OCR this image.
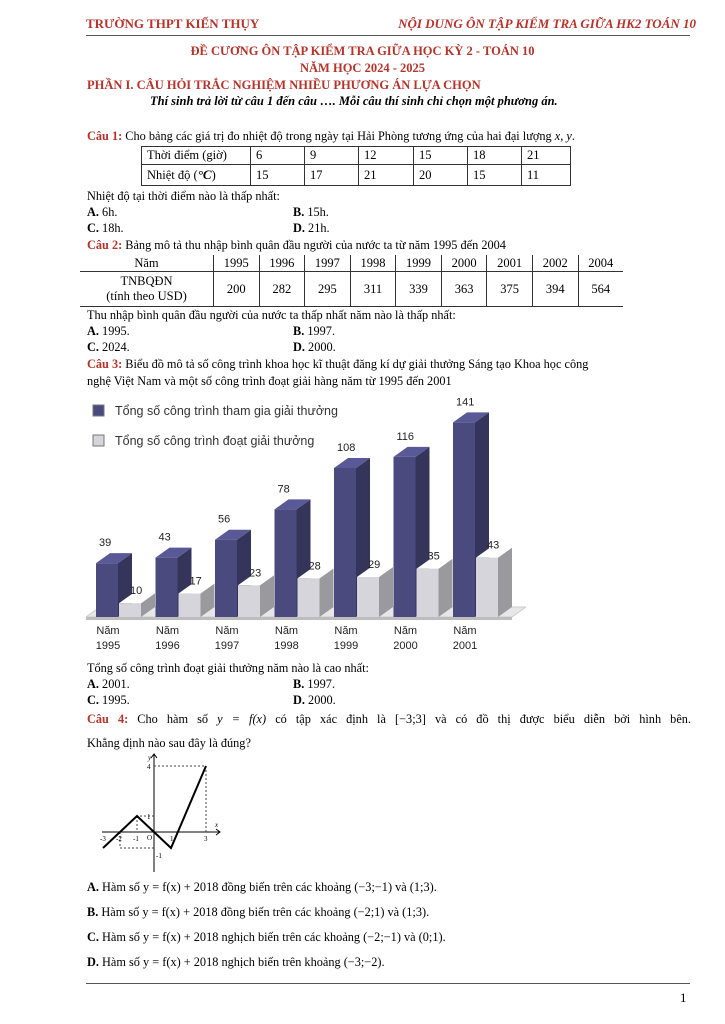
TRƯỜNG THPT KIẾN THỤY	NỘI DUNG ÔN TẬP KIỂM TRA GIỮA HK2 TOÁN 10
ĐỀ CƯƠNG ÔN TẬP KIỂM TRA GIỮA HỌC KỲ 2 - TOÁN 10
NĂM HỌC 2024 - 2025
PHẦN I. CÂU HỎI TRẮC NGHIỆM NHIỀU PHƯƠNG ÁN LỰA CHỌN
Thí sinh trả lời từ câu 1 đến câu …. Mỗi câu thí sinh chỉ chọn một phương án.
Câu 1: Cho bảng các giá trị đo nhiệt độ trong ngày tại Hải Phòng tương ứng của hai đại lượng x, y.
Thời điểm (giờ)	6	9	12	15	18	21
Nhiệt độ (°C)	15	17	21	20	15	11
Nhiệt độ tại thời điểm nào là thấp nhất:
A. 6h.	B. 15h.
C. 18h.	D. 21h.
Câu 2: Bảng mô tả thu nhập bình quân đầu người của nước ta từ năm 1995 đến 2004
Năm	1995	1996	1997	1998	1999	2000	2001	2002	2004
TNBQĐN
(tính theo USD)	200	282	295	311	339	363	375	394	564
Thu nhập bình quân đầu người của nước ta thấp nhất năm nào là thấp nhất:
A. 1995.	B. 1997.
C. 2024.	D. 2000.
Câu 3: Biểu đồ mô tả số công trình khoa học kĩ thuật đăng kí dự giải thưởng Sáng tạo Khoa học công
nghệ Việt Nam và một số công trình đoạt giải hàng năm từ 1995 đến 2001
Tổng số công trình tham gia giải thưởng
Tổng số công trình đoạt giải thưởng
39
10
Năm
1995
43
17
Năm
1996
56
23
Năm
1997
78
28
Năm
1998
108
29
Năm
1999
116
35
Năm
2000
141
43
Năm
2001
Tổng số công trình đoạt giải thưởng năm nào là cao nhất:
A. 2001.	B. 1997.
C. 1995.	D. 2000.
Câu 4: Cho hàm số y = f(x) có tập xác định là [−3;3] và có đồ thị được biểu diễn bởi hình bên.
Khẳng định nào sau đây là đúng?
y
x
O
-3 -2 -1	1	3
4
1
-1
A. Hàm số y = f(x) + 2018 đồng biến trên các khoảng (−3;−1) và (1;3).
B. Hàm số y = f(x) + 2018 đồng biến trên các khoảng (−2;1) và (1;3).
C. Hàm số y = f(x) + 2018 nghịch biến trên các khoảng (−2;−1) và (0;1).
D. Hàm số y = f(x) + 2018 nghịch biến trên khoảng (−3;−2).
1
